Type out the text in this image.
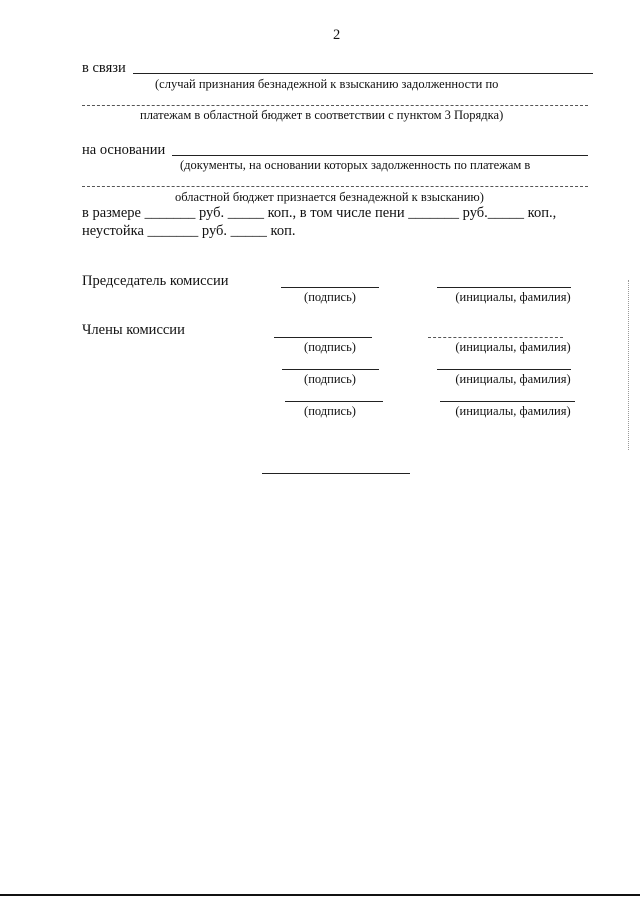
2
в связи
(случай признания безнадежной к взысканию задолженности по
платежам в областной бюджет в соответствии с пунктом 3 Порядка)
на основании
(документы, на основании которых задолженность по платежам в
областной бюджет признается безнадежной к взысканию)
в размере _______ руб. _____ коп., в том числе пени _______ руб._____ коп.,
неустойка _______ руб. _____ коп.
Председатель комиссии
(подпись)	(инициалы, фамилия)
Члены комиссии
(подпись)	(инициалы, фамилия)
(подпись)	(инициалы, фамилия)
(подпись)	(инициалы, фамилия)
